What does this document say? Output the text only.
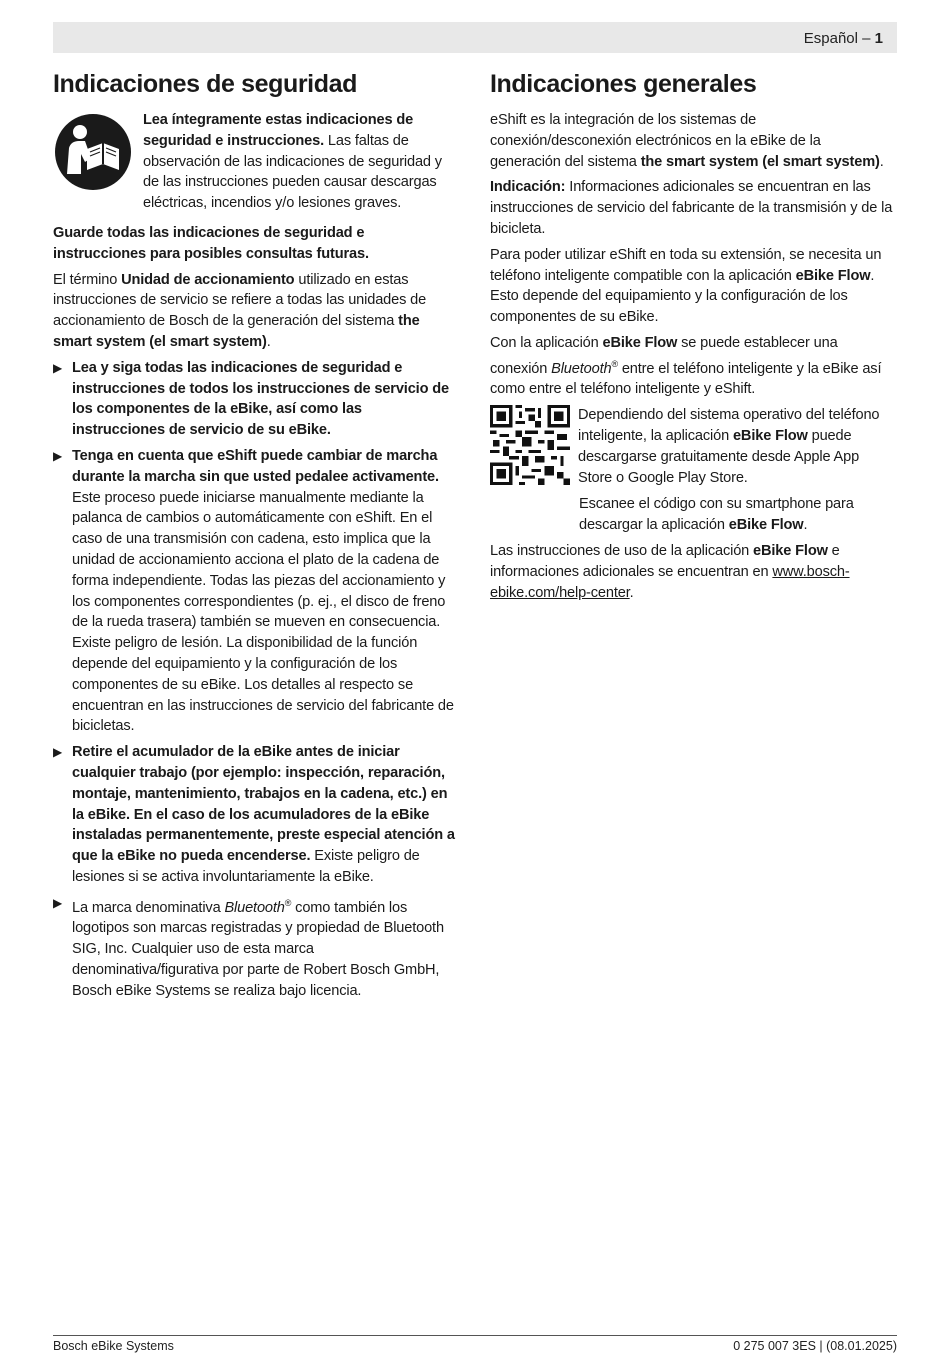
Español – 1
Indicaciones de seguridad

Lea íntegramente estas indicaciones de seguridad e instrucciones. Las faltas de observación de las indicaciones de seguridad y de las instrucciones pueden causar descargas eléctricas, incendios y/o lesiones graves.

Guarde todas las indicaciones de seguridad e instrucciones para posibles consultas futuras.

El término Unidad de accionamiento utilizado en estas instrucciones de servicio se refiere a todas las unidades de accionamiento de Bosch de la generación del sistema the smart system (el smart system).

▶ Lea y siga todas las indicaciones de seguridad e instrucciones de todos los instrucciones de servicio de los componentes de la eBike, así como las instrucciones de servicio de su eBike.
▶ Tenga en cuenta que eShift puede cambiar de marcha durante la marcha sin que usted pedalee activamente. Este proceso puede iniciarse manualmente mediante la palanca de cambios o automáticamente con eShift. En el caso de una transmisión con cadena, esto implica que la unidad de accionamiento acciona el plato de la cadena de forma independiente. Todas las piezas del accionamiento y los componentes correspondientes (p. ej., el disco de freno de la rueda trasera) también se mueven en consecuencia. Existe peligro de lesión. La disponibilidad de la función depende del equipamiento y la configuración de los componentes de su eBike. Los detalles al respecto se encuentran en las instrucciones de servicio del fabricante de bicicletas.
▶ Retire el acumulador de la eBike antes de iniciar cualquier trabajo (por ejemplo: inspección, reparación, montaje, mantenimiento, trabajos en la cadena, etc.) en la eBike. En el caso de los acumuladores de la eBike instaladas permanentemente, preste especial atención a que la eBike no pueda encenderse. Existe peligro de lesiones si se activa involuntariamente la eBike.
▶ La marca denominativa Bluetooth® como también los logotipos son marcas registradas y propiedad de Bluetooth SIG, Inc. Cualquier uso de esta marca denominativa/figurativa por parte de Robert Bosch GmbH, Bosch eBike Systems se realiza bajo licencia.
Indicaciones generales

eShift es la integración de los sistemas de conexión/desconexión electrónicos en la eBike de la generación del sistema the smart system (el smart system).

Indicación: Informaciones adicionales se encuentran en las instrucciones de servicio del fabricante de la transmisión y de la bicicleta.

Para poder utilizar eShift en toda su extensión, se necesita un teléfono inteligente compatible con la aplicación eBike Flow. Esto depende del equipamiento y la configuración de los componentes de su eBike.

Con la aplicación eBike Flow se puede establecer una conexión Bluetooth® entre el teléfono inteligente y la eBike así como entre el teléfono inteligente y eShift.

Dependiendo del sistema operativo del teléfono inteligente, la aplicación eBike Flow puede descargarse gratuitamente desde Apple App Store o Google Play Store.

Escanee el código con su smartphone para descargar la aplicación eBike Flow.

Las instrucciones de uso de la aplicación eBike Flow e informaciones adicionales se encuentran en www.bosch-ebike.com/help-center.

Bosch eBike Systems	0 275 007 3ES | (08.01.2025)
